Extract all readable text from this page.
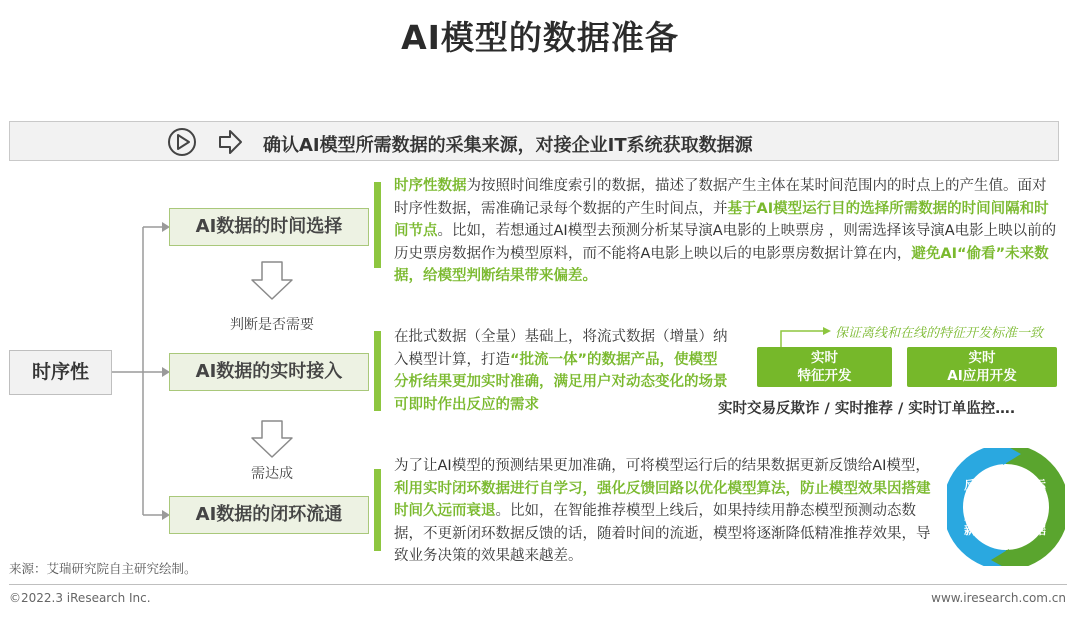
AI模型的数据准备
确认AI模型所需数据的采集来源，对接企业IT系统获取数据源
时序性
AI数据的时间选择
AI数据的实时接入
AI数据的闭环流通
判断是否需要
需达成
时序性数据为按照时间维度索引的数据，描述了数据产生主体在某时间范围内的时点上的产生值。面对时序性数据，需准确记录每个数据的产生时间点，并基于AI模型运行目的选择所需数据的时间间隔和时间节点。比如，若想通过AI模型去预测分析某导演A电影的上映票房 ，则需选择该导演A电影上映以前的历史票房数据作为模型原料，而不能将A电影上映以后的电影票房数据计算在内，避免AI“偷看”未来数据，给模型判断结果带来偏差。
在批式数据（全量）基础上，将流式数据（增量）纳入模型计算，打造“批流一体”的数据产品，使模型分析结果更加实时准确，满足用户对动态变化的场景可即时作出反应的需求
为了让AI模型的预测结果更加准确，可将模型运行后的结果数据更新反馈给AI模型，利用实时闭环数据进行自学习，强化反馈回路以优化模型算法，防止模型效果因搭建时间久远而衰退。比如，在智能推荐模型上线后，如果持续用静态模型预测动态数据，不更新闭环数据反馈的话，随着时间的流逝，模型将逐渐降低精准推荐效果，导致业务决策的效果越来越差。
保证离线和在线的特征开发标准一致
实时
特征开发
实时
AI应用开发
实时交易反欺诈 / 实时推荐 / 实时订单监控….
反馈更新
运行数据
来源：艾瑞研究院自主研究绘制。
©2022.3 iResearch Inc.	www.iresearch.com.cn
